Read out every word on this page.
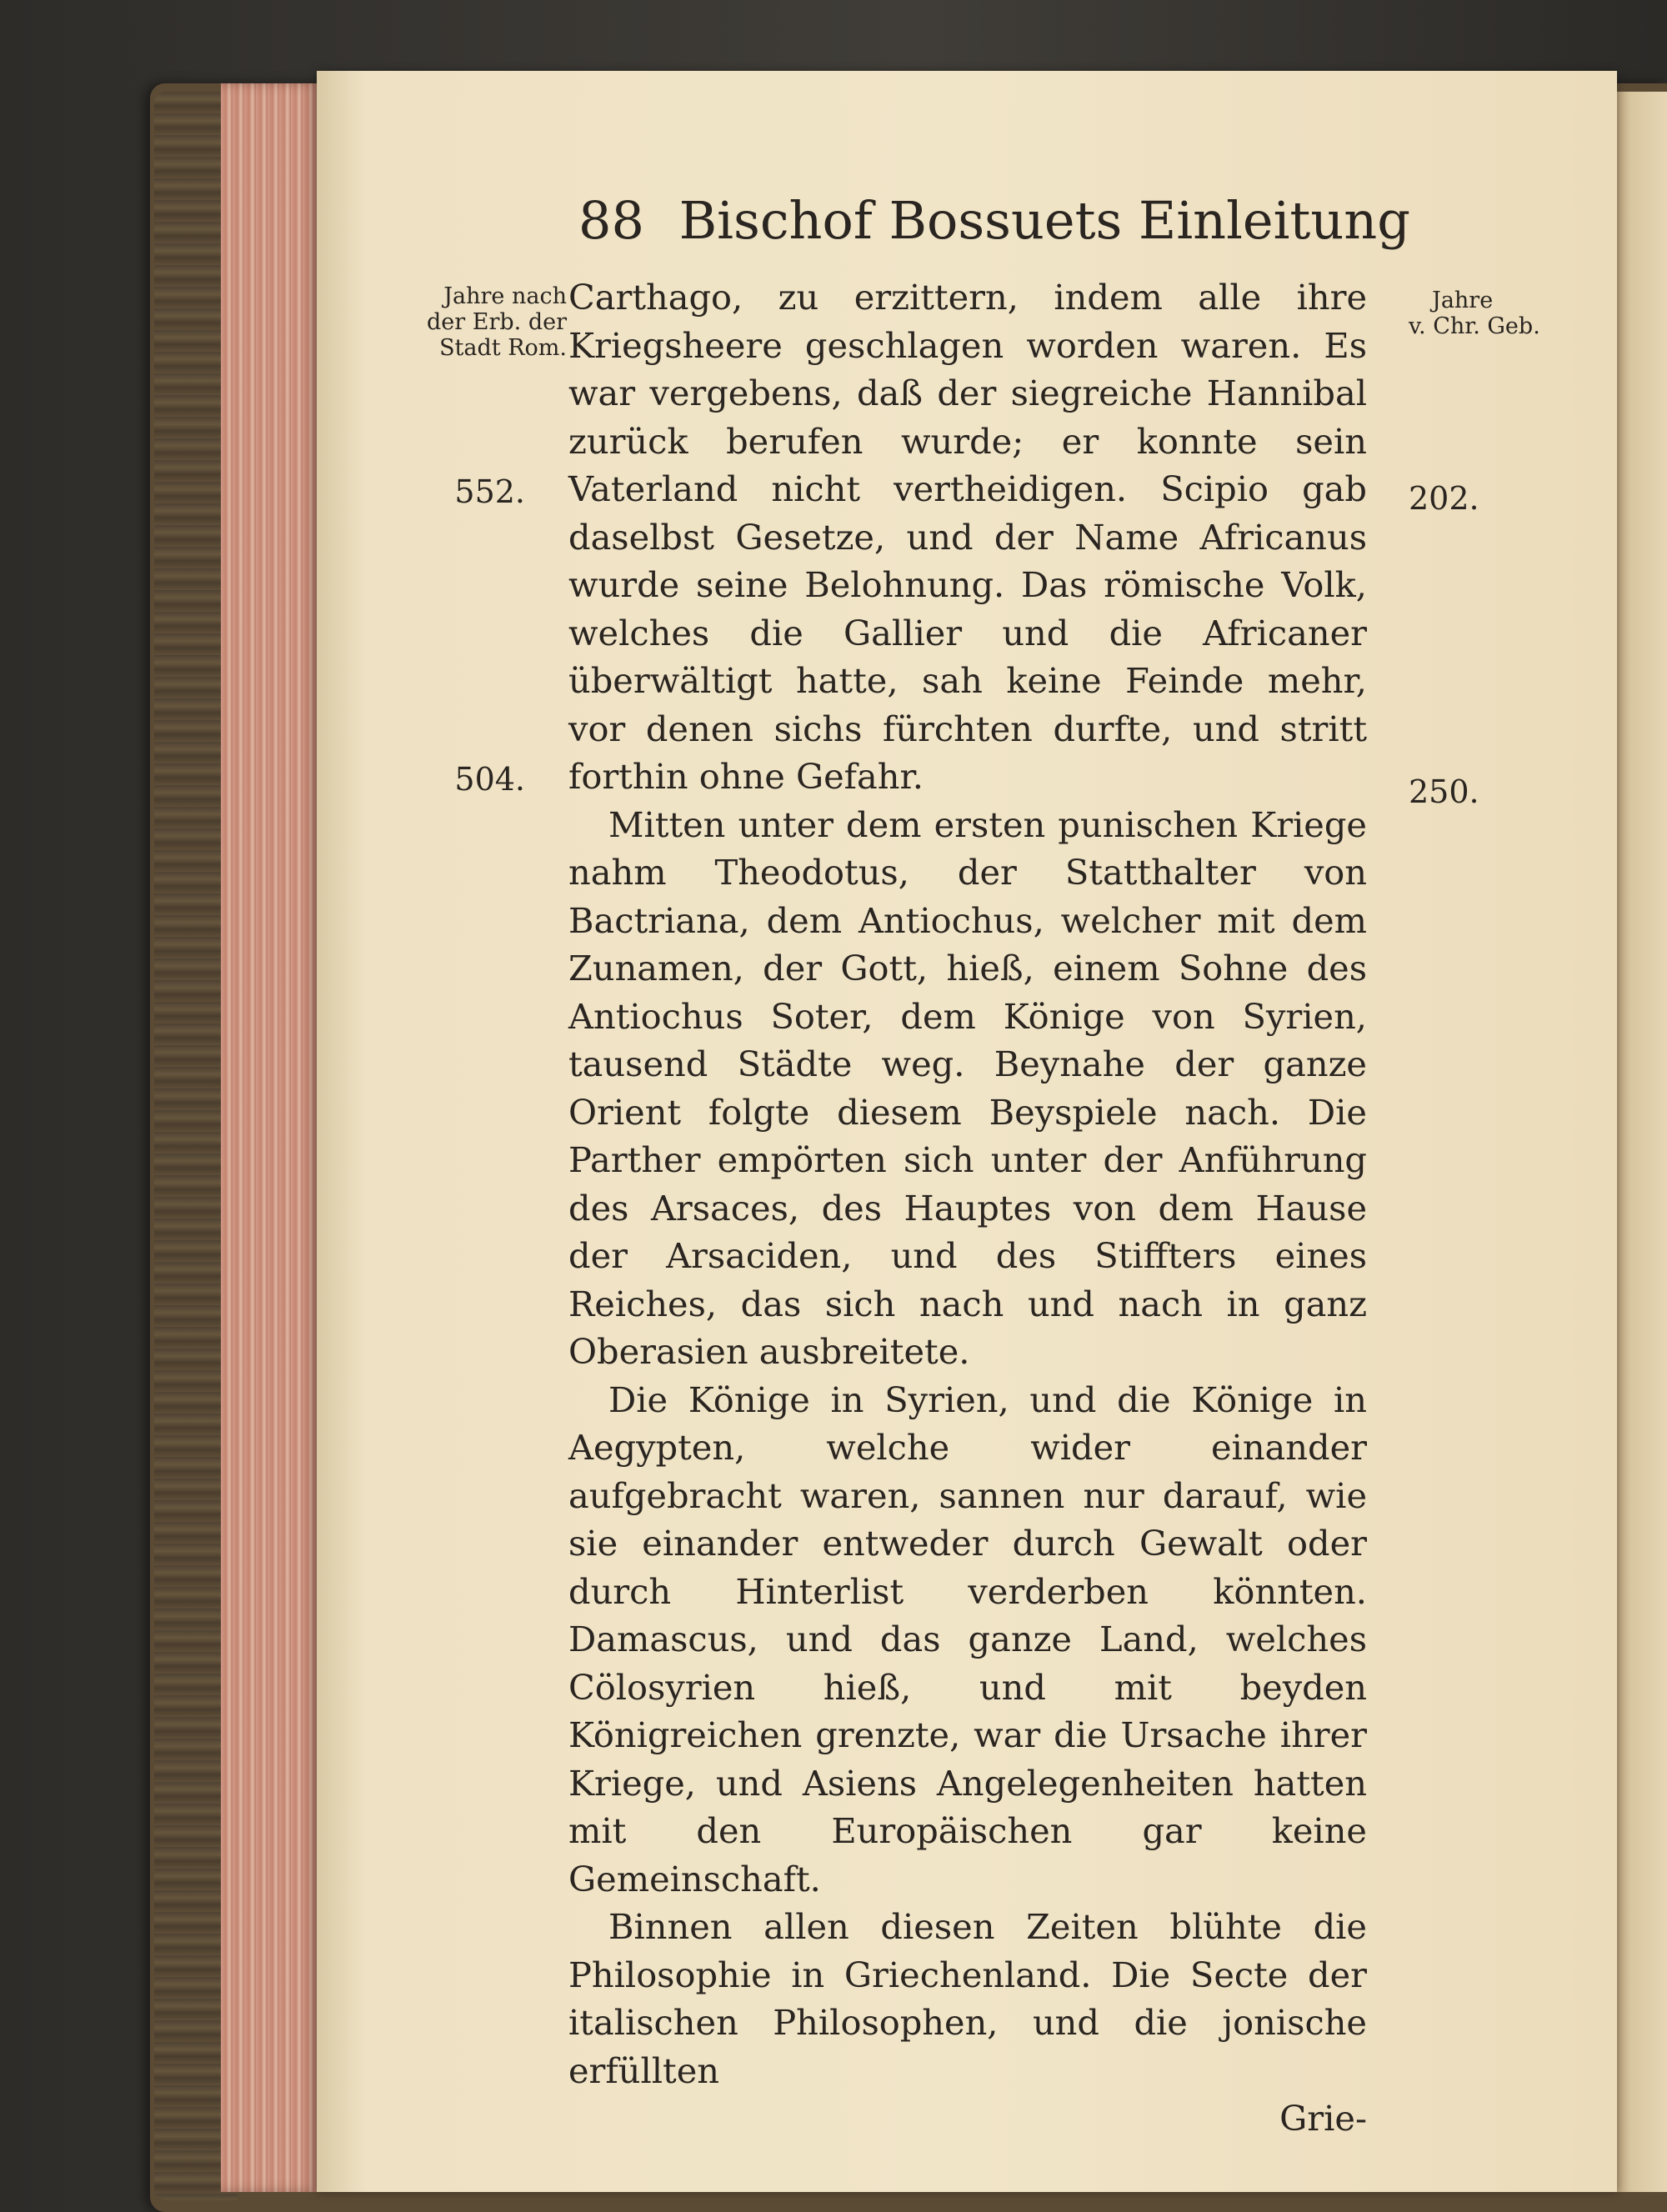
88 Bischof Bossuets Einleitung
Jahre nach
der Erb. der
Stadt Rom.
Jahre
v. Chr. Geb.
552.	202.
504.	250.

Carthago, zu erzittern, indem alle ihre Kriegsheere geschlagen worden waren. Es war vergebens, daß der siegreiche Hannibal zurück berufen wurde; er konnte sein Vaterland nicht vertheidigen. Scipio gab daselbst Gesetze, und der Name Africanus wurde seine Belohnung. Das römische Volk, welches die Gallier und die Africaner überwältigt hatte, sah keine Feinde mehr, vor denen sichs fürchten durfte, und stritt forthin ohne Gefahr.

Mitten unter dem ersten punischen Kriege nahm Theodotus, der Statthalter von Bactriana, dem Antiochus, welcher mit dem Zunamen, der Gott, hieß, einem Sohne des Antiochus Soter, dem Könige von Syrien, tausend Städte weg. Beynahe der ganze Orient folgte diesem Beyspiele nach. Die Parther empörten sich unter der Anführung des Arsaces, des Hauptes von dem Hause der Arsaciden, und des Stiffters eines Reiches, das sich nach und nach in ganz Oberasien ausbreitete.

Die Könige in Syrien, und die Könige in Aegypten, welche wider einander aufgebracht waren, sannen nur darauf, wie sie einander entweder durch Gewalt oder durch Hinterlist verderben könnten. Damascus, und das ganze Land, welches Cölosyrien hieß, und mit beyden Königreichen grenzte, war die Ursache ihrer Kriege, und Asiens Angelegenheiten hatten mit den Europäischen gar keine Gemeinschaft.

Binnen allen diesen Zeiten blühte die Philosophie in Griechenland. Die Secte der italischen Philosophen, und die jonische erfüllten

Grie-
